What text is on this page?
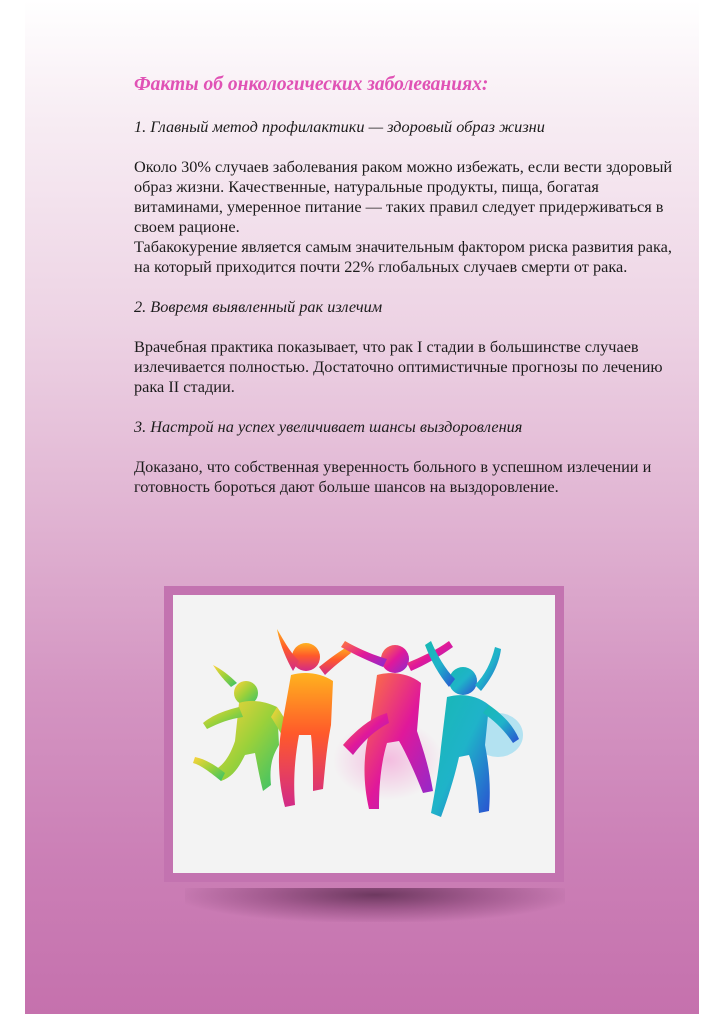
Факты об онкологических заболеваниях:

1. Главный метод профилактики — здоровый образ жизни

Около 30% случаев заболевания раком можно избежать, если вести здоровый образ жизни. Качественные, натуральные продукты, пища, богатая витаминами, умеренное питание — таких правил следует придерживаться в своем рационе.
Табакокурение является самым значительным фактором риска развития рака, на который приходится почти 22% глобальных случаев смерти от рака.

2. Вовремя выявленный рак излечим

Врачебная практика показывает, что рак I стадии в большинстве случаев излечивается полностью. Достаточно оптимистичные прогнозы по лечению рака II стадии.

3. Настрой на успех увеличивает шансы выздоровления

Доказано, что собственная уверенность больного в успешном излечении и готовность бороться дают больше шансов на выздоровление.
